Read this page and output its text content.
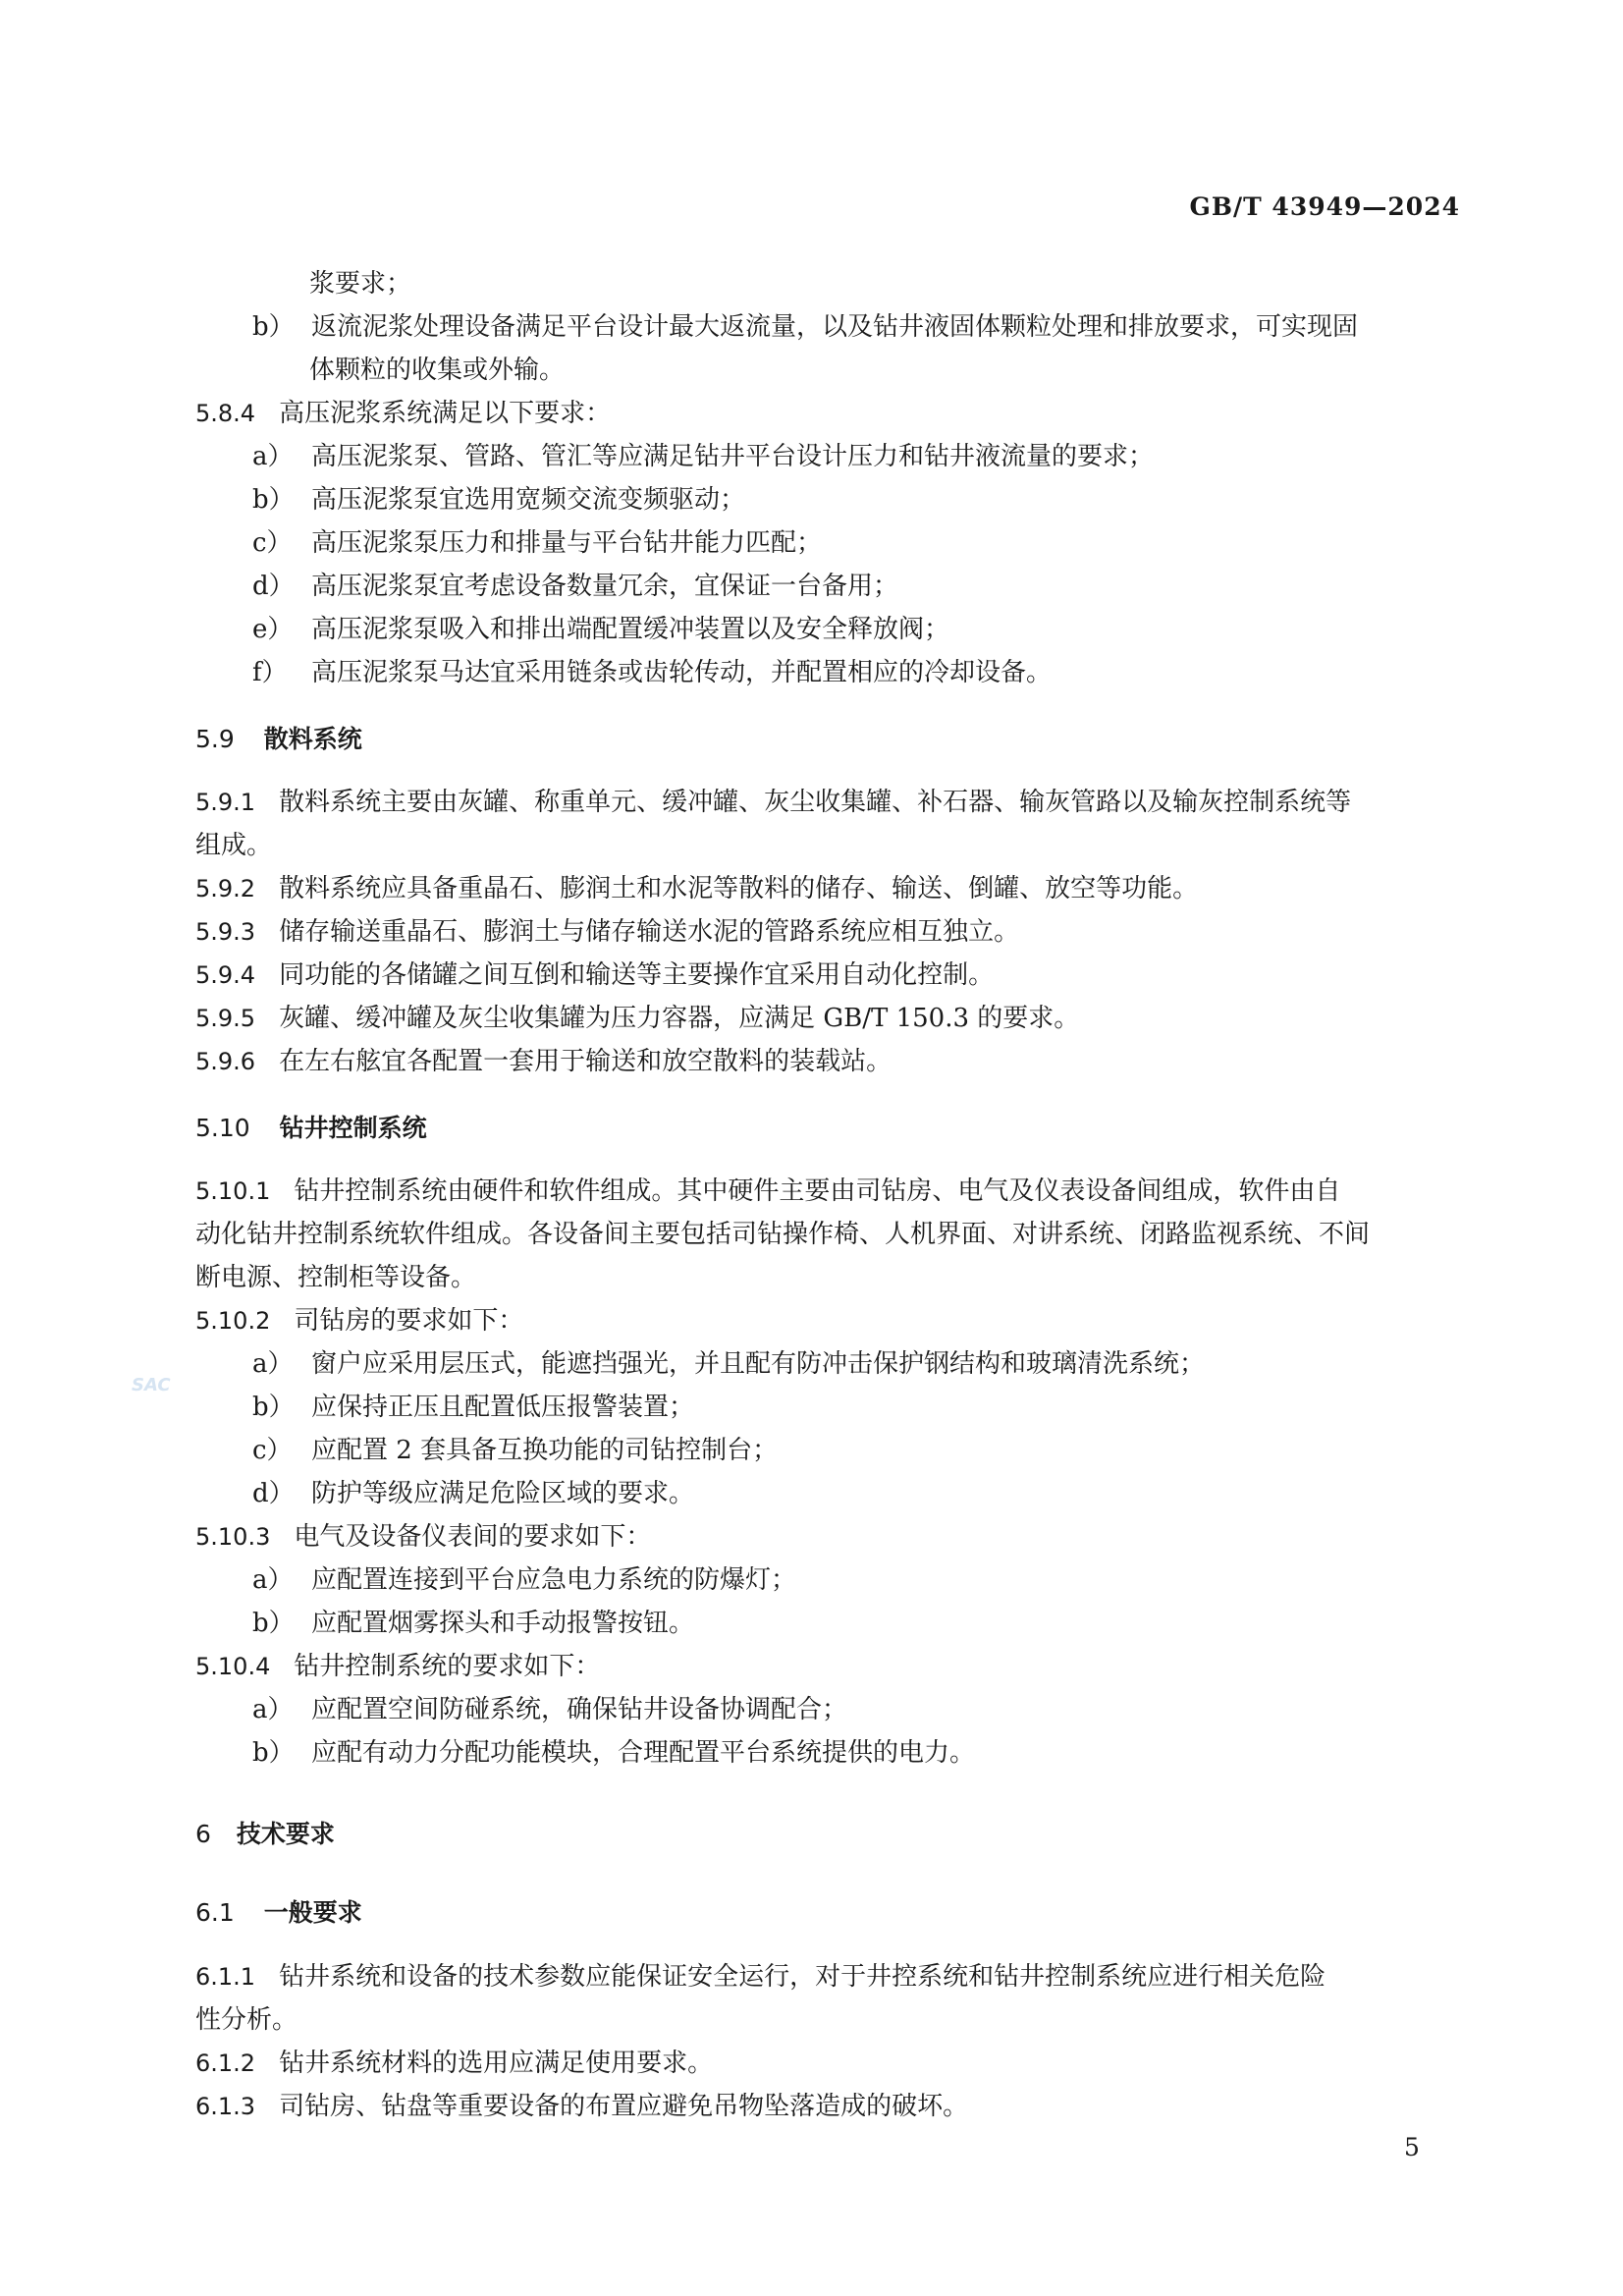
GB/T 43949—2024
SAC
浆要求；
b） 返流泥浆处理设备满足平台设计最大返流量，以及钻井液固体颗粒处理和排放要求，可实现固
体颗粒的收集或外输。
5.8.4 高压泥浆系统满足以下要求：
a） 高压泥浆泵、管路、管汇等应满足钻井平台设计压力和钻井液流量的要求；
b） 高压泥浆泵宜选用宽频交流变频驱动；
c） 高压泥浆泵压力和排量与平台钻井能力匹配；
d） 高压泥浆泵宜考虑设备数量冗余，宜保证一台备用；
e） 高压泥浆泵吸入和排出端配置缓冲装置以及安全释放阀；
f） 高压泥浆泵马达宜采用链条或齿轮传动，并配置相应的冷却设备。
5.9 散料系统
5.9.1 散料系统主要由灰罐、称重单元、缓冲罐、灰尘收集罐、补石器、输灰管路以及输灰控制系统等
组成。
5.9.2 散料系统应具备重晶石、膨润土和水泥等散料的储存、输送、倒罐、放空等功能。
5.9.3 储存输送重晶石、膨润土与储存输送水泥的管路系统应相互独立。
5.9.4 同功能的各储罐之间互倒和输送等主要操作宜采用自动化控制。
5.9.5 灰罐、缓冲罐及灰尘收集罐为压力容器，应满足 GB/T 150.3 的要求。
5.9.6 在左右舷宜各配置一套用于输送和放空散料的装载站。
5.10 钻井控制系统
5.10.1 钻井控制系统由硬件和软件组成。其中硬件主要由司钻房、电气及仪表设备间组成，软件由自
动化钻井控制系统软件组成。各设备间主要包括司钻操作椅、人机界面、对讲系统、闭路监视系统、不间
断电源、控制柜等设备。
5.10.2 司钻房的要求如下：
a） 窗户应采用层压式，能遮挡强光，并且配有防冲击保护钢结构和玻璃清洗系统；
b） 应保持正压且配置低压报警装置；
c） 应配置 2 套具备互换功能的司钻控制台；
d） 防护等级应满足危险区域的要求。
5.10.3 电气及设备仪表间的要求如下：
a） 应配置连接到平台应急电力系统的防爆灯；
b） 应配置烟雾探头和手动报警按钮。
5.10.4 钻井控制系统的要求如下：
a） 应配置空间防碰系统，确保钻井设备协调配合；
b） 应配有动力分配功能模块，合理配置平台系统提供的电力。
6 技术要求
6.1 一般要求
6.1.1 钻井系统和设备的技术参数应能保证安全运行，对于井控系统和钻井控制系统应进行相关危险
性分析。
6.1.2 钻井系统材料的选用应满足使用要求。
6.1.3 司钻房、钻盘等重要设备的布置应避免吊物坠落造成的破坏。
5
